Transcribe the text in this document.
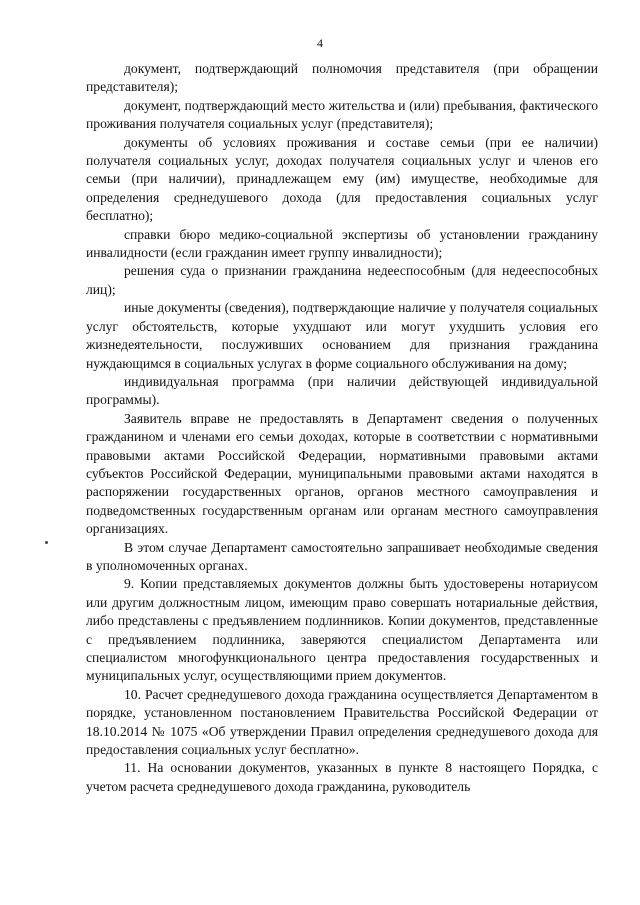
4

документ, подтверждающий полномочия представителя (при обращении представителя);

документ, подтверждающий место жительства и (или) пребывания, фактического проживания получателя социальных услуг (представителя);

документы об условиях проживания и составе семьи (при ее наличии) получателя социальных услуг, доходах получателя социальных услуг и членов его семьи (при наличии), принадлежащем ему (им) имуществе, необходимые для определения среднедушевого дохода (для предоставления социальных услуг бесплатно);

справки бюро медико-социальной экспертизы об установлении гражданину инвалидности (если гражданин имеет группу инвалидности);

решения суда о признании гражданина недееспособным (для недееспособных лиц);

иные документы (сведения), подтверждающие наличие у получателя социальных услуг обстоятельств, которые ухудшают или могут ухудшить условия его жизнедеятельности, послуживших основанием для признания гражданина нуждающимся в социальных услугах в форме социального обслуживания на дому;

индивидуальная программа (при наличии действующей индивидуальной программы).

Заявитель вправе не предоставлять в Департамент сведения о полученных гражданином и членами его семьи доходах, которые в соответствии с нормативными правовыми актами Российской Федерации, нормативными правовыми актами субъектов Российской Федерации, муниципальными правовыми актами находятся в распоряжении государственных органов, органов местного самоуправления и подведомственных государственным органам или органам местного самоуправления организациях.

В этом случае Департамент самостоятельно запрашивает необходимые сведения в уполномоченных органах.

9. Копии представляемых документов должны быть удостоверены нотариусом или другим должностным лицом, имеющим право совершать нотариальные действия, либо представлены с предъявлением подлинников. Копии документов, представленные с предъявлением подлинника, заверяются специалистом Департамента или специалистом многофункционального центра предоставления государственных и муниципальных услуг, осуществляющими прием документов.

10. Расчет среднедушевого дохода гражданина осуществляется Департаментом в порядке, установленном постановлением Правительства Российской Федерации от 18.10.2014 № 1075 «Об утверждении Правил определения среднедушевого дохода для предоставления социальных услуг бесплатно».

11. На основании документов, указанных в пункте 8 настоящего Порядка, с учетом расчета среднедушевого дохода гражданина, руководитель
